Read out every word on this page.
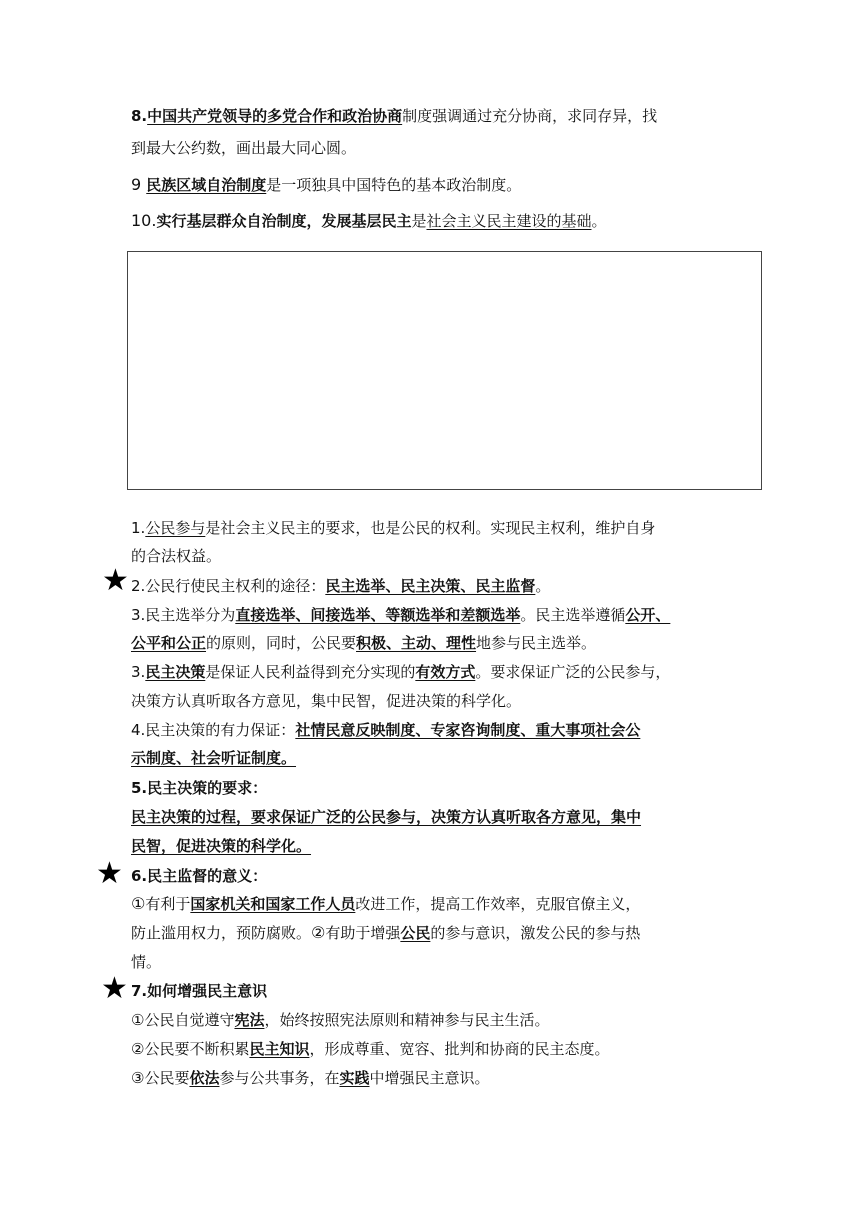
8.中国共产党领导的多党合作和政治协商制度强调通过充分协商，求同存异，找
到最大公约数，画出最大同心圆。
9 民族区域自治制度是一项独具中国特色的基本政治制度。
10.实行基层群众自治制度，发展基层民主是社会主义民主建设的基础。
1.公民参与是社会主义民主的要求，也是公民的权利。实现民主权利，维护自身
的合法权益。
★ 2.公民行使民主权利的途径：民主选举、民主决策、民主监督。
3.民主选举分为直接选举、间接选举、等额选举和差额选举。民主选举遵循公开、
公平和公正的原则，同时，公民要积极、主动、理性地参与民主选举。
3.民主决策是保证人民利益得到充分实现的有效方式。要求保证广泛的公民参与，
决策方认真听取各方意见，集中民智，促进决策的科学化。
4.民主决策的有力保证：社情民意反映制度、专家咨询制度、重大事项社会公
示制度、社会听证制度。
5.民主决策的要求：
民主决策的过程，要求保证广泛的公民参与，决策方认真听取各方意见，集中
民智，促进决策的科学化。
★ 6.民主监督的意义：
①有利于国家机关和国家工作人员改进工作，提高工作效率，克服官僚主义，
防止滥用权力，预防腐败。②有助于增强公民的参与意识，激发公民的参与热
情。
★ 7.如何增强民主意识
①公民自觉遵守宪法，始终按照宪法原则和精神参与民主生活。
②公民要不断积累民主知识，形成尊重、宽容、批判和协商的民主态度。
③公民要依法参与公共事务，在实践中增强民主意识。
